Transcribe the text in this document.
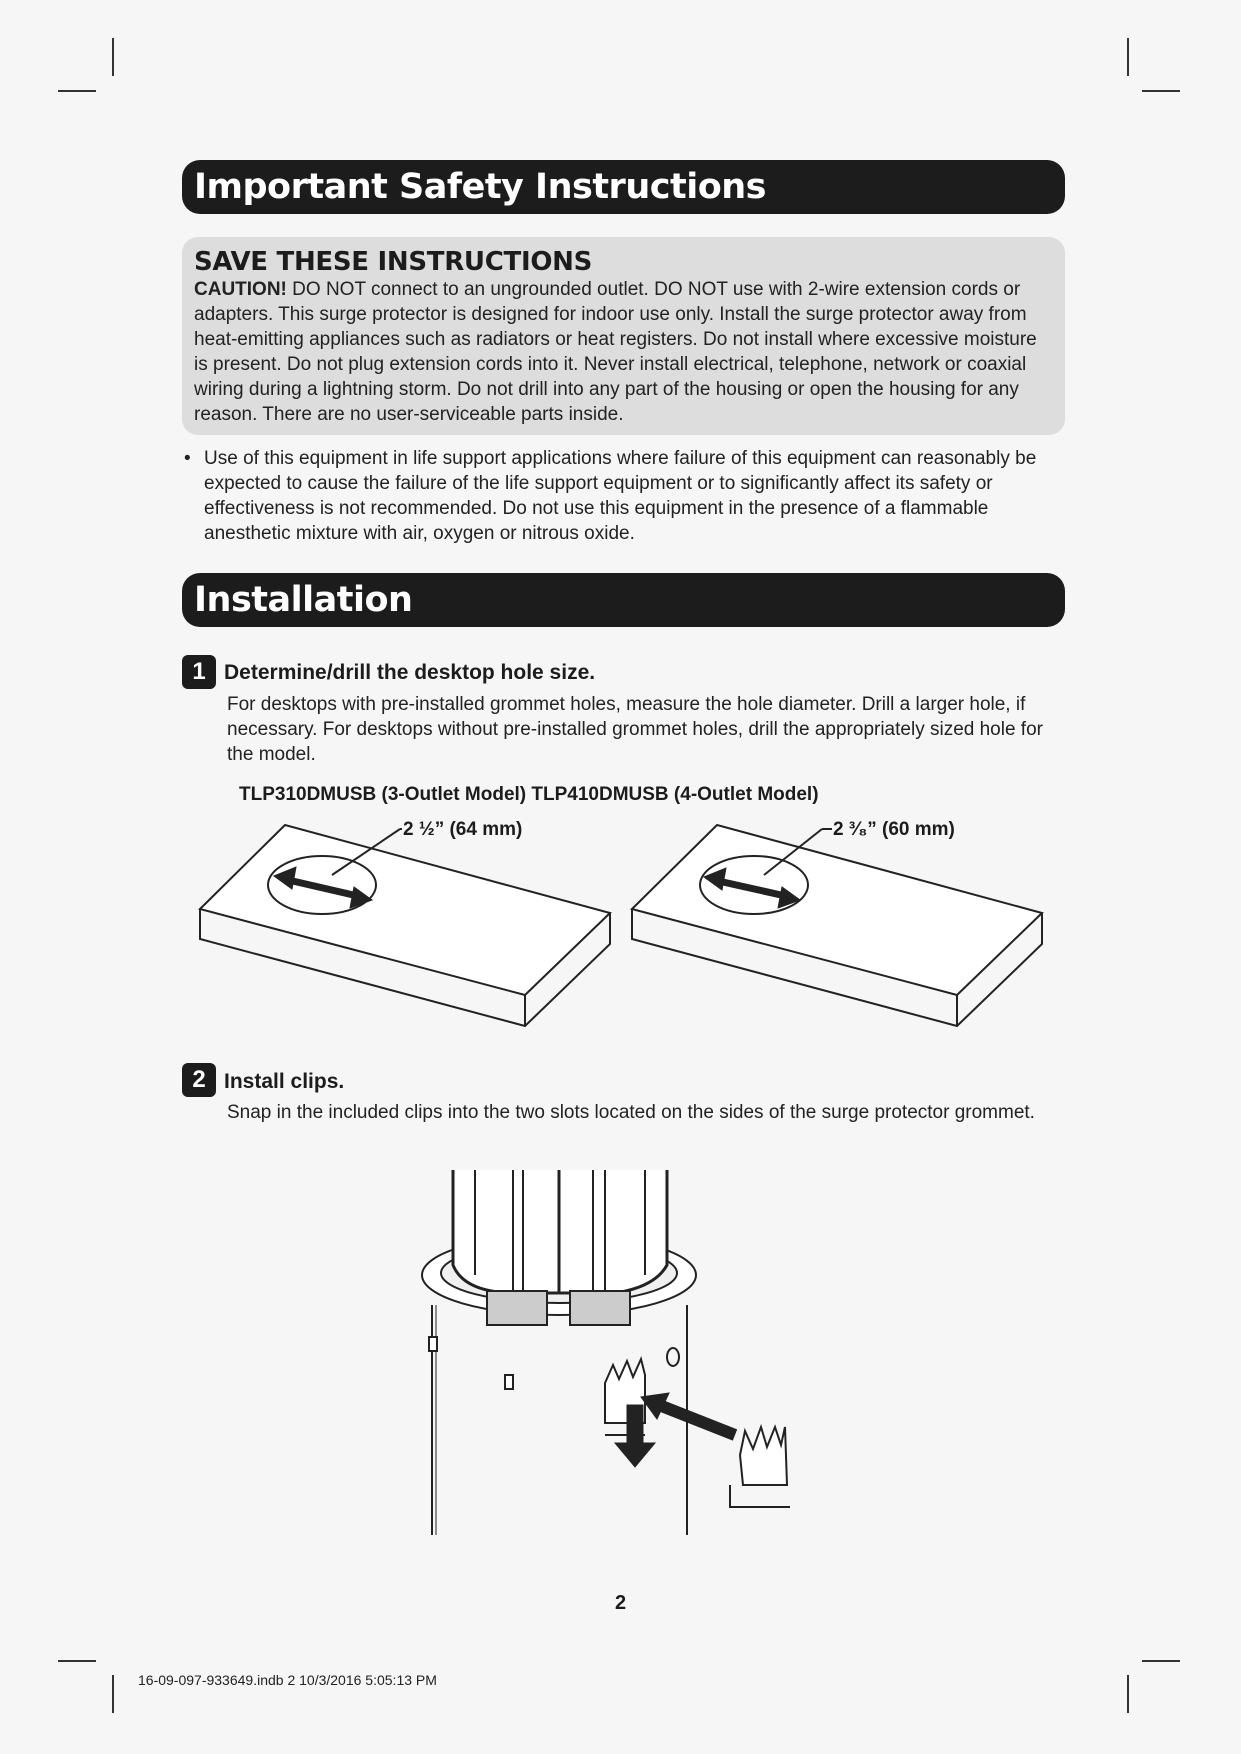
Important Safety Instructions
SAVE THESE INSTRUCTIONS

CAUTION! DO NOT connect to an ungrounded outlet. DO NOT use with 2-wire extension cords or adapters. This surge protector is designed for indoor use only. Install the surge protector away from heat-emitting appliances such as radiators or heat registers. Do not install where excessive moisture is present. Do not plug extension cords into it. Never install electrical, telephone, network or coaxial wiring during a lightning storm. Do not drill into any part of the housing or open the housing for any reason. There are no user-serviceable parts inside.

• Use of this equipment in life support applications where failure of this equipment can reasonably be expected to cause the failure of the life support equipment or to significantly affect its safety or effectiveness is not recommended. Do not use this equipment in the presence of a flammable anesthetic mixture with air, oxygen or nitrous oxide.
Installation
1 Determine/drill the desktop hole size.
For desktops with pre-installed grommet holes, measure the hole diameter. Drill a larger hole, if necessary. For desktops without pre-installed grommet holes, drill the appropriately sized hole for the model.
TLP310DMUSB (3-Outlet Model) TLP410DMUSB (4-Outlet Model)
2 ½” (64 mm)	2 ³⁄₈” (60 mm)
2 Install clips.
Snap in the included clips into the two slots located on the sides of the surge protector grommet.
2
16-09-097-933649.indb 2 10/3/2016 5:05:13 PM
